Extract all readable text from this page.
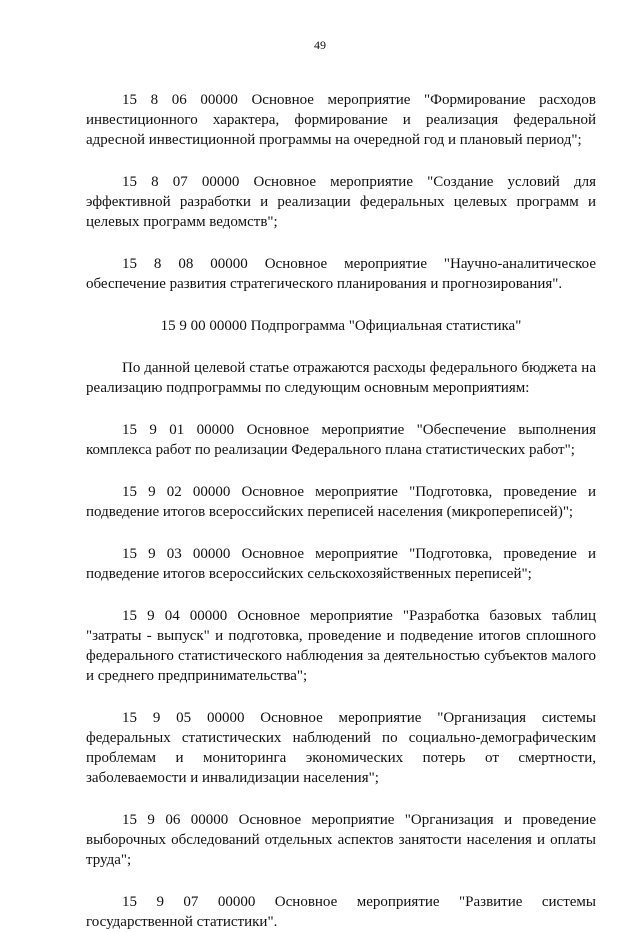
49

15 8 06 00000 Основное мероприятие "Формирование расходов инвестиционного характера, формирование и реализация федеральной адресной инвестиционной программы на очередной год и плановый период";

15 8 07 00000 Основное мероприятие "Создание условий для эффективной разработки и реализации федеральных целевых программ и целевых программ ведомств";

15 8 08 00000 Основное мероприятие "Научно-аналитическое обеспечение развития стратегического планирования и прогнозирования".

15 9 00 00000 Подпрограмма "Официальная статистика"

По данной целевой статье отражаются расходы федерального бюджета на реализацию подпрограммы по следующим основным мероприятиям:

15 9 01 00000 Основное мероприятие "Обеспечение выполнения комплекса работ по реализации Федерального плана статистических работ";

15 9 02 00000 Основное мероприятие "Подготовка, проведение и подведение итогов всероссийских переписей населения (микропереписей)";

15 9 03 00000 Основное мероприятие "Подготовка, проведение и подведение итогов всероссийских сельскохозяйственных переписей";

15 9 04 00000 Основное мероприятие "Разработка базовых таблиц "затраты - выпуск" и подготовка, проведение и подведение итогов сплошного федерального статистического наблюдения за деятельностью субъектов малого и среднего предпринимательства";

15 9 05 00000 Основное мероприятие "Организация системы федеральных статистических наблюдений по социально-демографическим проблемам и мониторинга экономических потерь от смертности, заболеваемости и инвалидизации населения";

15 9 06 00000 Основное мероприятие "Организация и проведение выборочных обследований отдельных аспектов занятости населения и оплаты труда";

15 9 07 00000 Основное мероприятие "Развитие системы государственной статистики".
